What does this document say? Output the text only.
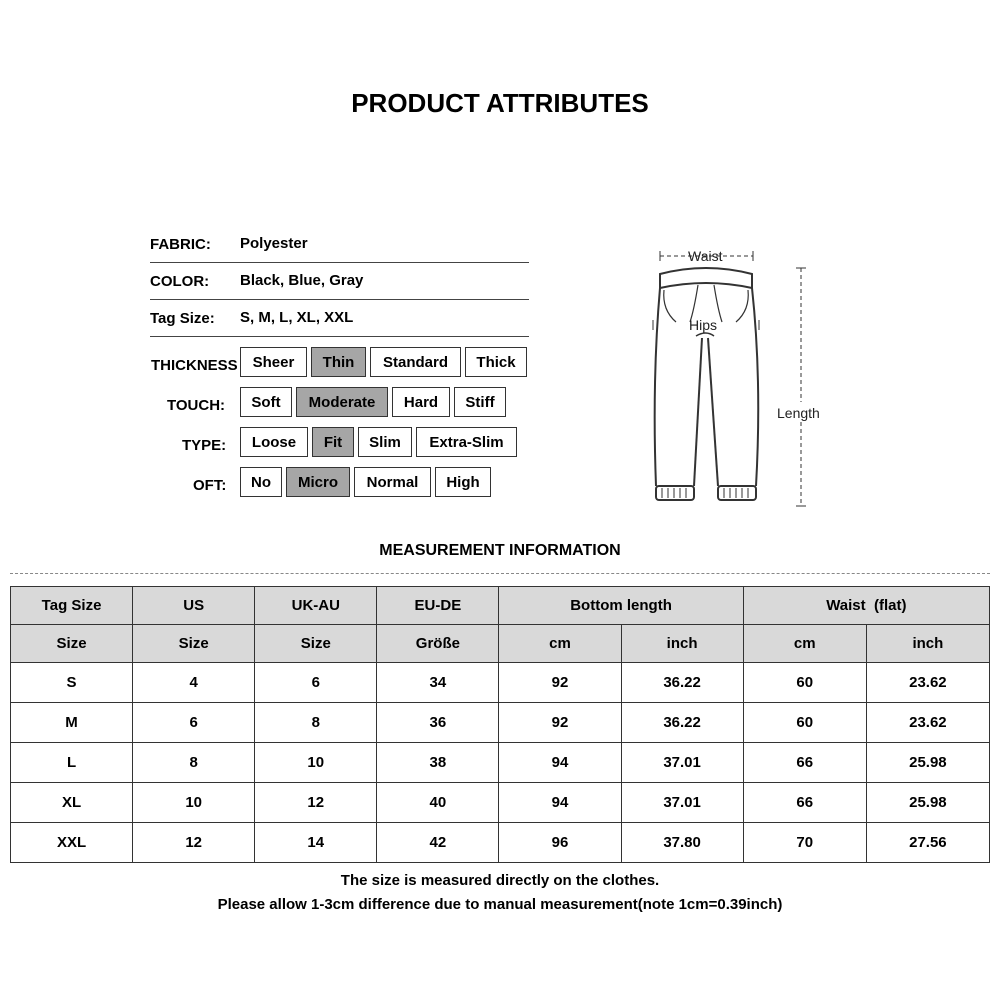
PRODUCT ATTRIBUTES
FABRIC: Polyester
COLOR: Black, Blue, Gray
Tag Size: S, M, L, XL, XXL
THICKNESS Sheer	Thin	Standard	Thick
TOUCH:	Soft	Moderate	Hard	Stiff
TYPE:	Loose	Fit	Slim	Extra-Slim
OFT:	No	Micro	Normal	High
Waist
Hips
Length
MEASUREMENT INFORMATION
Tag Size	US	UK-AU	EU-DE	Bottom length		Waist  (flat)	
Size	Size	Size	Größe	cm	inch	cm	inch
S	4	6	34	92	36.22	60	23.62
M	6	8	36	92	36.22	60	23.62
L	8	10	38	94	37.01	66	25.98
XL	10	12	40	94	37.01	66	25.98
XXL	12	14	42	96	37.80	70	27.56
The size is measured directly on the clothes.
Please allow 1-3cm difference due to manual measurement(note 1cm=0.39inch)
